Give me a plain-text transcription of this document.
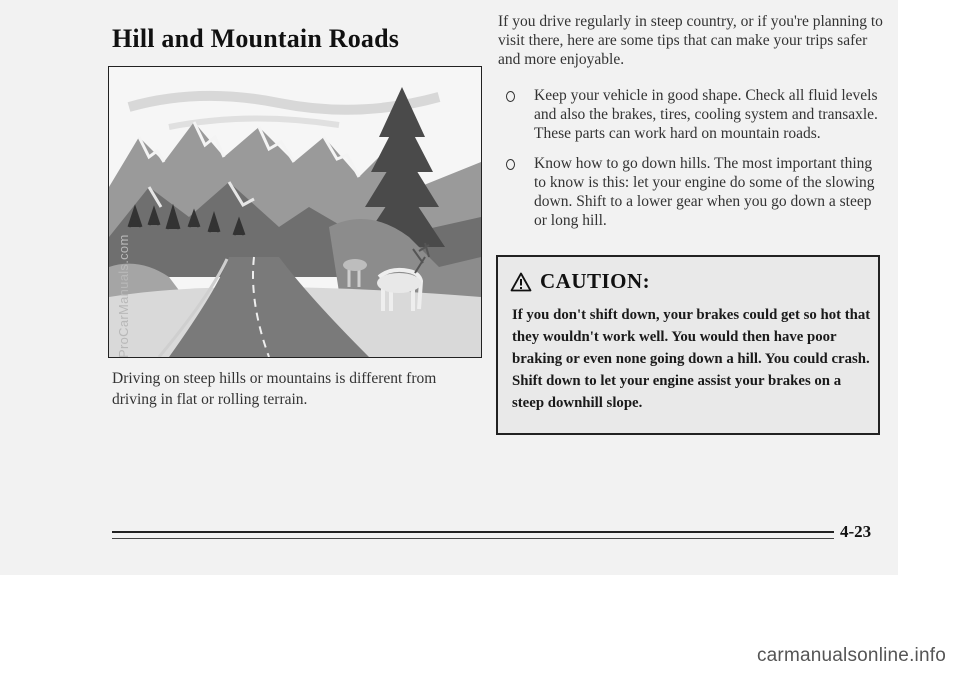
Hill and Mountain Roads

Driving on steep hills or mountains is different from driving in flat or rolling terrain.

If you drive regularly in steep country, or if you're planning to visit there, here are some tips that can make your trips safer and more enjoyable.

Keep your vehicle in good shape. Check all fluid levels and also the brakes, tires, cooling system and transaxle. These parts can work hard on mountain roads.
Know how to go down hills. The most important thing to know is this: let your engine do some of the slowing down. Shift to a lower gear when you go down a steep or long hill.
CAUTION:

If you don't shift down, your brakes could get so hot that they wouldn't work well. You would then have poor braking or even none going down a hill. You could crash. Shift down to let your engine assist your brakes on a steep downhill slope.

4-23
ProCarManuals.com
carmanualsonline.info
